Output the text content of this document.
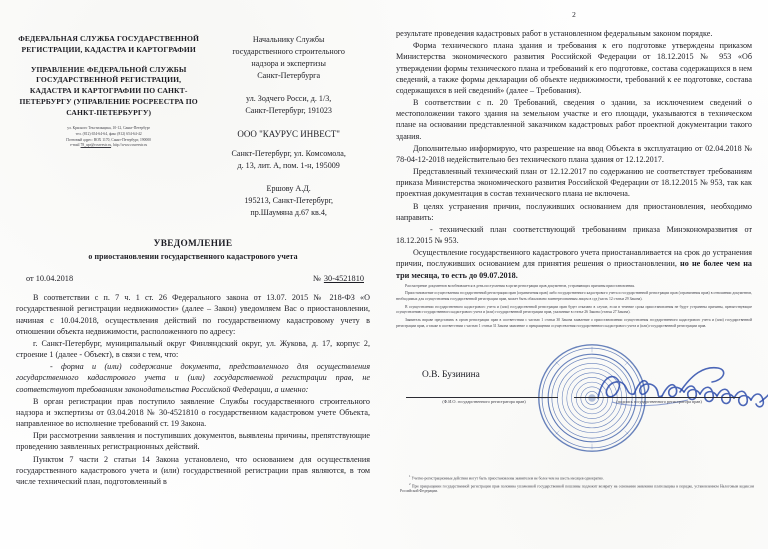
ФЕДЕРАЛЬНАЯ СЛУЖБА ГОСУДАРСТВЕННОЙ РЕГИСТРАЦИИ, КАДАСТРА И КАРТОГРАФИИ
УПРАВЛЕНИЕ ФЕДЕРАЛЬНОЙ СЛУЖБЫ ГОСУДАРСТВЕННОЙ РЕГИСТРАЦИИ, КАДАСТРА И КАРТОГРАФИИ ПО САНКТ-ПЕТЕРБУРГУ (УПРАВЛЕНИЕ РОСРЕЕСТРА ПО САНКТ-ПЕТЕРБУРГУ)
ул. Красного Текстильщика, 10-12, Санкт-Петербург
тел. (812) 654-64-64, факс (812) 654-64-42
Почтовый адрес: ВОХ 1170, Санкт-Петербург, 190000
e-mail 78_upr@rosreestr.ru, http://www.rosreestr.ru
Начальнику Службы
государственного строительного
надзора и экспертизы
Санкт-Петербурга
ул. Зодчего Росси, д. 1/3,
Санкт-Петербург, 191023
ООО "КАУРУС ИНВЕСТ"
Санкт-Петербург, ул. Комсомола,
д. 13, лит. А, пом. 1-н, 195009
Ершову А.Д.
195213, Санкт-Петербург,
пр.Шаумяна д.67 кв.4,
УВЕДОМЛЕНИЕ
о приостановлении государственного кадастрового учета
от 10.04.2018	№ 30-4521810

В соответствии с п. 7 ч. 1 ст. 26 Федерального закона от 13.07. 2015 № 218-ФЗ «О государственной регистрации недвижимости» (далее – Закон) уведомляем Вас о приостановлении, начиная с 10.04.2018, осуществления действий по государственному кадастровому учету в отношении объекта недвижимости, расположенного по адресу:

г. Санкт-Петербург, муниципальный округ Финляндский округ, ул. Жукова, д. 17, корпус 2, строение 1 (далее - Объект), в связи с тем, что:

- форма и (или) содержание документа, представленного для осуществления государственного кадастрового учета и (или) государственной регистрации прав, не соответствуют требованиям законодательства Российской Федерации, а именно:

В орган регистрации прав поступило заявление Службы государственного строительного надзора и экспертизы от 03.04.2018 № 30-4521810 о государственном кадастровом учете Объекта, направленное во исполнение требований ст. 19 Закона.

При рассмотрении заявления и поступивших документов, выявлены причины, препятствующие проведению заявленных регистрационных действий.

Пунктом 7 части 2 статьи 14 Закона установлено, что основанием для осуществления государственного кадастрового учета и (или) государственной регистрации прав являются, в том числе технический план, подготовленный в

2

результате проведения кадастровых работ в установленном федеральным законом порядке.

Форма технического плана здания и требования к его подготовке утверждены приказом Министерства экономического развития Российской Федерации от 18.12.2015 № 953 «Об утверждении формы технического плана и требований к его подготовке, состава содержащихся в нем сведений, а также формы декларации об объекте недвижимости, требований к ее подготовке, состава содержащихся в ней сведений» (далее – Требования).

В соответствии с п. 20 Требований, сведения о здании, за исключением сведений о местоположении такого здания на земельном участке и его площади, указываются в техническом плане на основании представленной заказчиком кадастровых работ проектной документации такого здания.

Дополнительно информирую, что разрешение на ввод Объекта в эксплуатацию от 02.04.2018 № 78-04-12-2018 недействительно без технического плана здания от 12.12.2017.

Представленный технический план от 12.12.2017 по содержанию не соответствует требованиям приказа Министерства экономического развития Российской Федерации от 18.12.2015 № 953, так как проектная документация в состав технического плана не включена.

В целях устранения причин, послуживших основанием для приостановления, необходимо направить:

- технический план соответствующий требованиям приказа Минэкономразвития от 18.12.2015 № 953.

Осуществление государственного кадастрового учета приостанавливается на срок до устранения причин, послуживших основанием для принятия решения о приостановлении, но не более чем на три месяца, то есть до 09.07.2018.

Рассмотрение документов возобновляется в день поступления в орган регистрации прав документов, устраняющих причины приостановления.

Приостановление осуществления государственной регистрации прав (ограничения прав) либо государственного кадастрового учета и государственной регистрации прав (ограничения прав) в отношении документов, необходимых для осуществления государственной регистрации прав, может быть обжаловано заинтересованным лицом в суд (часть 12 статьи 29 Закона).

В осуществлении государственного кадастрового учета и (или) государственной регистрации прав будет отказано в случае, если в течение срока приостановления не будут устранены причины, препятствующие осуществлению государственного кадастрового учета и (или) государственной регистрации прав, указанные в статье 26 Закона (статья 27 Закона).

Заявитель вправе представить в орган регистрации прав в соответствии с частью 1 статьи 30 Закона заявление о приостановлении осуществления государственного кадастрового учета и (или) государственной регистрации прав, а также в соответствии с частью 1 статьи 31 Закона заявление о прекращении осуществления государственного кадастрового учета и (или) государственной регистрации прав.

О.В. Бузинина
(Ф.И.О. государственного регистратора прав)	(подпись государственного регистратора прав)

$^1$ Учетно-регистрационные действия могут быть приостановлены заявителем не более чем на шесть месяцев однократно.

$^2$ При прекращении государственной регистрации прав половина уплаченной государственной пошлины подлежит возврату на основании заявления плательщика в порядке, установленном Налоговым кодексом Российской Федерации.
